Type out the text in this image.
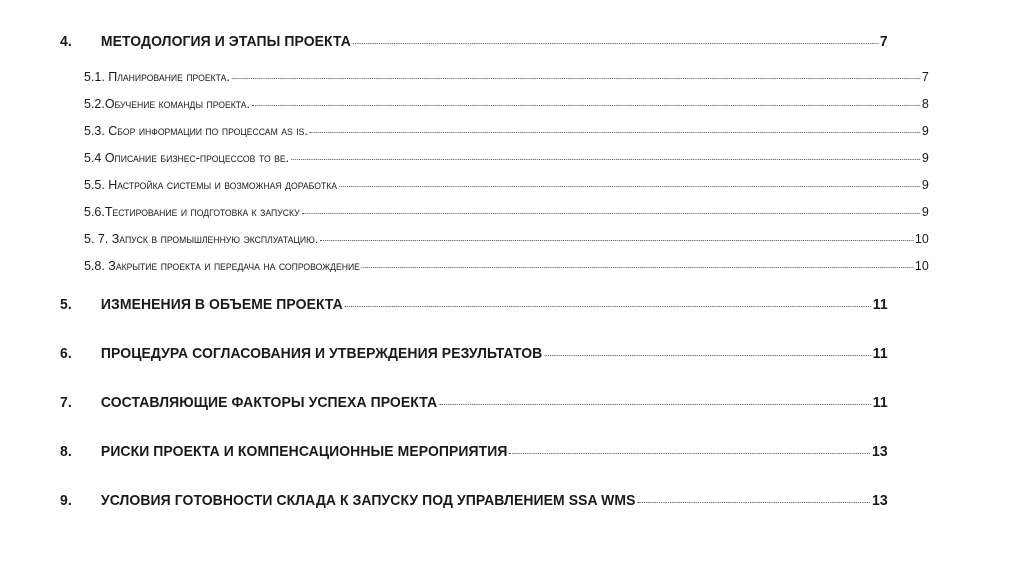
4.	МЕТОДОЛОГИЯ И ЭТАПЫ ПРОЕКТА	7
5.1. Планирование проекта.	7
5.2.Обучение команды проекта.	8
5.3. Сбор информации по процессам as is.	9
5.4 Описание бизнес-процессов to be.	9
5.5. Настройка системы и возможная доработка	9
5.6.Тестирование и подготовка к запуску	9
5. 7. Запуск в промышленную эксплуатацию.	10
5.8. Закрытие проекта и передача на сопровождение	10
5.	ИЗМЕНЕНИЯ В ОБЪЕМЕ ПРОЕКТА	11
6.	ПРОЦЕДУРА СОГЛАСОВАНИЯ И УТВЕРЖДЕНИЯ РЕЗУЛЬТАТОВ	11
7.	СОСТАВЛЯЮЩИЕ ФАКТОРЫ УСПЕХА ПРОЕКТА	11
8.	РИСКИ ПРОЕКТА И КОМПЕНСАЦИОННЫЕ МЕРОПРИЯТИЯ	13
9.	УСЛОВИЯ ГОТОВНОСТИ СКЛАДА К ЗАПУСКУ ПОД УПРАВЛЕНИЕМ SSA WMS	13
